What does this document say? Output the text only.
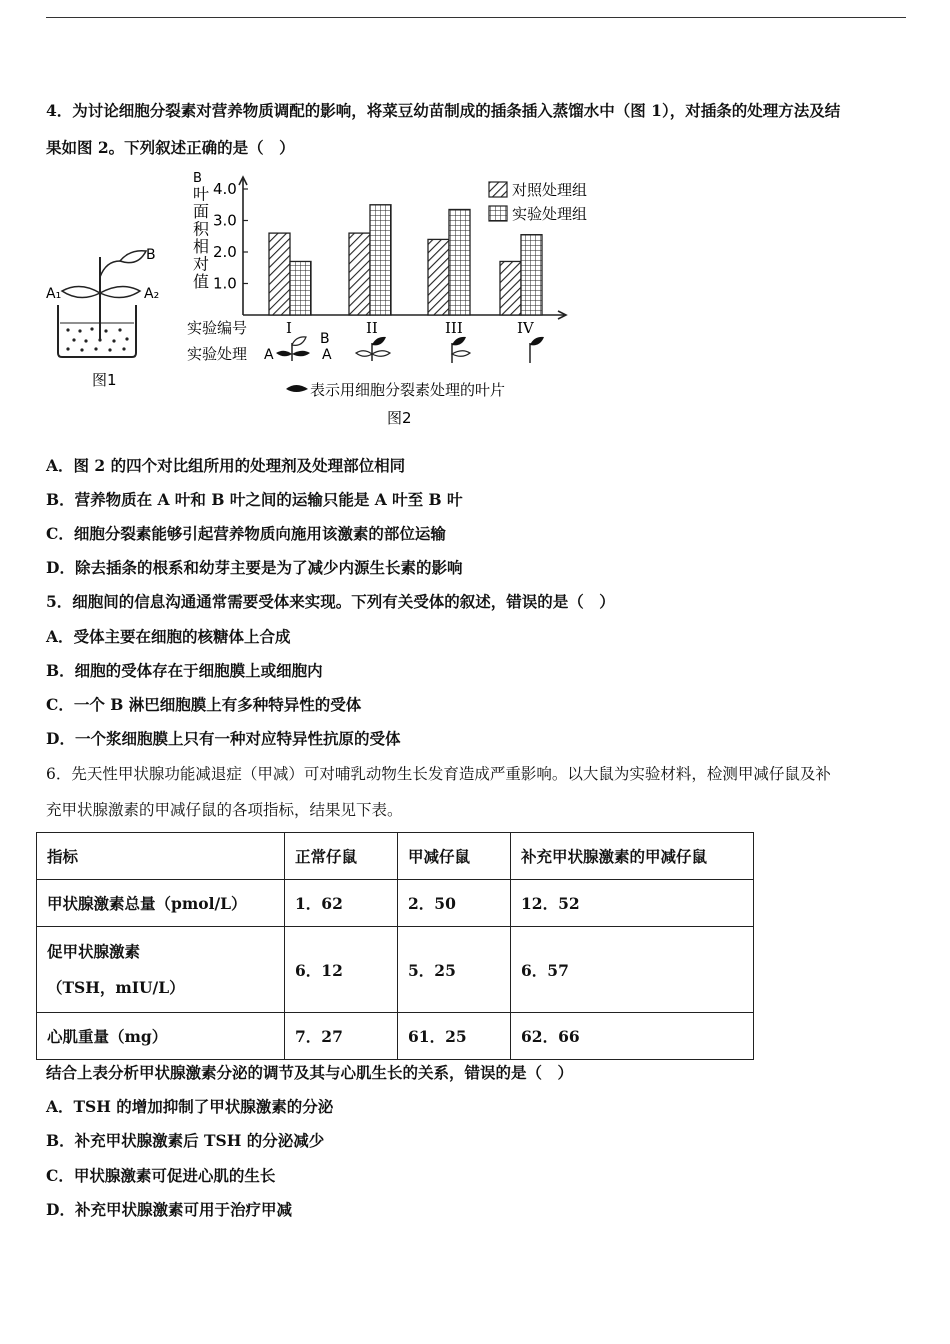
4．为讨论细胞分裂素对营养物质调配的影响，将菜豆幼苗制成的插条插入蒸馏水中（图 1），对插条的处理方法及结
果如图 2。下列叙述正确的是（　）
B
A₁	A₂
图1
B
叶
面
积
相
对
值 1.0
2.0
3.0
4.0
I	II	III	IV
对照处理组
实验处理组
实验编号
实验处理 A
B
A
表示用细胞分裂素处理的叶片
图2
A．图 2 的四个对比组所用的处理剂及处理部位相同
B．营养物质在 A 叶和 B 叶之间的运输只能是 A 叶至 B 叶
C．细胞分裂素能够引起营养物质向施用该激素的部位运输
D．除去插条的根系和幼芽主要是为了减少内源生长素的影响
5．细胞间的信息沟通通常需要受体来实现。下列有关受体的叙述，错误的是（　）
A．受体主要在细胞的核糖体上合成
B．细胞的受体存在于细胞膜上或细胞内
C．一个 B 淋巴细胞膜上有多种特异性的受体
D．一个浆细胞膜上只有一种对应特异性抗原的受体
6．先天性甲状腺功能减退症（甲减）可对哺乳动物生长发育造成严重影响。以大鼠为实验材料，检测甲减仔鼠及补
充甲状腺激素的甲减仔鼠的各项指标，结果见下表。
指标	正常仔鼠	甲减仔鼠	补充甲状腺激素的甲减仔鼠
甲状腺激素总量（pmol/L）	1．62	2．50	12．52

促甲状腺激素
（TSH，mIU/L）	6．12	5．25	6．57
心肌重量（mg）	7．27	61．25	62．66
结合上表分析甲状腺激素分泌的调节及其与心肌生长的关系，错误的是（　）
A．TSH 的增加抑制了甲状腺激素的分泌
B．补充甲状腺激素后 TSH 的分泌减少
C．甲状腺激素可促进心肌的生长
D．补充甲状腺激素可用于治疗甲减
